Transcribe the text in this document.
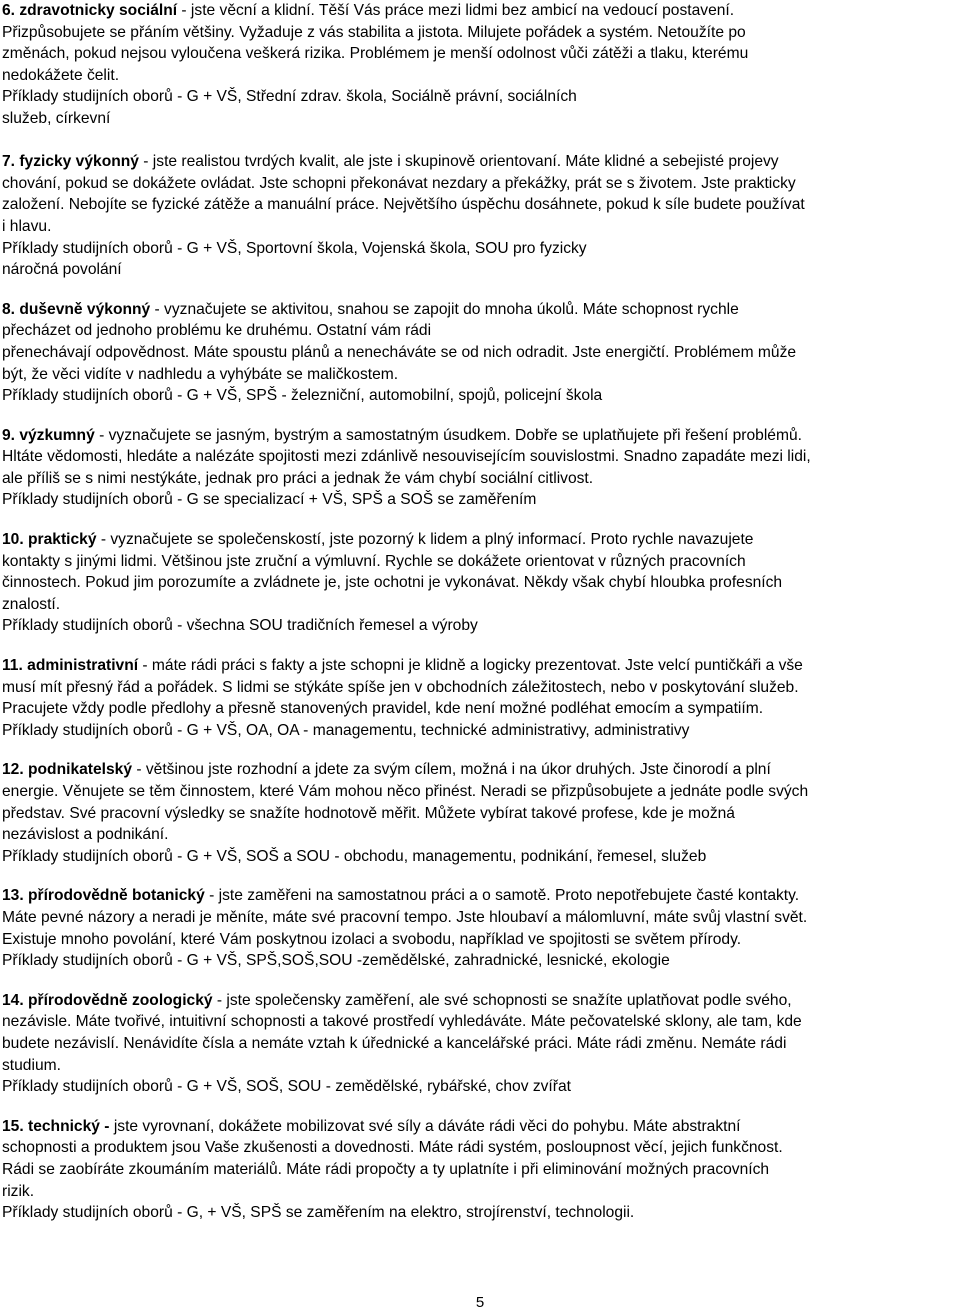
6. zdravotnicky sociální - jste věcní a klidní. Těší Vás práce mezi lidmi bez ambicí na vedoucí postavení.
Přizpůsobujete se přáním většiny. Vyžaduje z vás stabilita a jistota. Milujete pořádek a systém. Netoužíte po
změnách, pokud nejsou vyloučena veškerá rizika. Problémem je menší odolnost vůči zátěži a tlaku, kterému
nedokážete čelit.
Příklady studijních oborů - G + VŠ, Střední zdrav. škola, Sociálně právní, sociálních
služeb, církevní
7. fyzicky výkonný - jste realistou tvrdých kvalit, ale jste i skupinově orientovaní. Máte klidné a sebejisté projevy
chování, pokud se dokážete ovládat. Jste schopni překonávat nezdary a překážky, prát se s životem. Jste prakticky
založení. Nebojíte se fyzické zátěže a manuální práce. Největšího úspěchu dosáhnete, pokud k síle budete používat
i hlavu.
Příklady studijních oborů - G + VŠ, Sportovní škola, Vojenská škola, SOU pro fyzicky
náročná povolání
8. duševně výkonný - vyznačujete se aktivitou, snahou se zapojit do mnoha úkolů. Máte schopnost rychle
přecházet od jednoho problému ke druhému. Ostatní vám rádi
přenechávají odpovědnost. Máte spoustu plánů a nenecháváte se od nich odradit. Jste energičtí. Problémem může
být, že věci vidíte v nadhledu a vyhýbáte se maličkostem.
Příklady studijních oborů - G + VŠ, SPŠ - železniční, automobilní, spojů, policejní škola
9. výzkumný - vyznačujete se jasným, bystrým a samostatným úsudkem. Dobře se uplatňujete při řešení problémů.
Hltáte vědomosti, hledáte a nalézáte spojitosti mezi zdánlivě nesouvisejícím souvislostmi. Snadno zapadáte mezi lidi,
ale příliš se s nimi nestýkáte, jednak pro práci a jednak že vám chybí sociální citlivost.
Příklady studijních oborů - G se specializací + VŠ, SPŠ a SOŠ se zaměřením
10. praktický - vyznačujete se společenskostí, jste pozorný k lidem a plný informací. Proto rychle navazujete
kontakty s jinými lidmi. Většinou jste zruční a výmluvní. Rychle se dokážete orientovat v různých pracovních
činnostech. Pokud jim porozumíte a zvládnete je, jste ochotni je vykonávat. Někdy však chybí hloubka profesních
znalostí.
Příklady studijních oborů - všechna SOU tradičních řemesel a výroby
11. administrativní - máte rádi práci s fakty a jste schopni je klidně a logicky prezentovat. Jste velcí puntičkáři a vše
musí mít přesný řád a pořádek. S lidmi se stýkáte spíše jen v obchodních záležitostech, nebo v poskytování služeb.
Pracujete vždy podle předlohy a přesně stanovených pravidel, kde není možné podléhat emocím a sympatiím.
Příklady studijních oborů - G + VŠ, OA, OA - managementu, technické administrativy, administrativy
12. podnikatelský - většinou jste rozhodní a jdete za svým cílem, možná i na úkor druhých. Jste činorodí a plní
energie. Věnujete se těm činnostem, které Vám mohou něco přinést. Neradi se přizpůsobujete a jednáte podle svých
představ. Své pracovní výsledky se snažíte hodnotově měřit. Můžete vybírat takové profese, kde je možná
nezávislost a podnikání.
Příklady studijních oborů - G + VŠ, SOŠ a SOU - obchodu, managementu, podnikání, řemesel, služeb
13. přírodovědně botanický - jste zaměřeni na samostatnou práci a o samotě. Proto nepotřebujete časté kontakty.
Máte pevné názory a neradi je měníte, máte své pracovní tempo. Jste hloubaví a málomluvní, máte svůj vlastní svět.
Existuje mnoho povolání, které Vám poskytnou izolaci a svobodu, například ve spojitosti se světem přírody.
Příklady studijních oborů - G + VŠ, SPŠ,SOŠ,SOU -zemědělské, zahradnické, lesnické, ekologie
14. přírodovědně zoologický - jste společensky zaměření, ale své schopnosti se snažíte uplatňovat podle svého,
nezávisle. Máte tvořivé, intuitivní schopnosti a takové prostředí vyhledáváte. Máte pečovatelské sklony, ale tam, kde
budete nezávislí. Nenávidíte čísla a nemáte vztah k úřednické a kancelářské práci. Máte rádi změnu. Nemáte rádi
studium.
Příklady studijních oborů - G + VŠ, SOŠ, SOU - zemědělské, rybářské, chov zvířat
15. technický - jste vyrovnaní, dokážete mobilizovat své síly a dáváte rádi věci do pohybu. Máte abstraktní
schopnosti a produktem jsou Vaše zkušenosti a dovednosti. Máte rádi systém, posloupnost věcí, jejich funkčnost.
Rádi se zaobíráte zkoumáním materiálů. Máte rádi propočty a ty uplatníte i při eliminování možných pracovních
rizik.
Příklady studijních oborů - G, + VŠ, SPŠ se zaměřením na elektro, strojírenství, technologii.
5
